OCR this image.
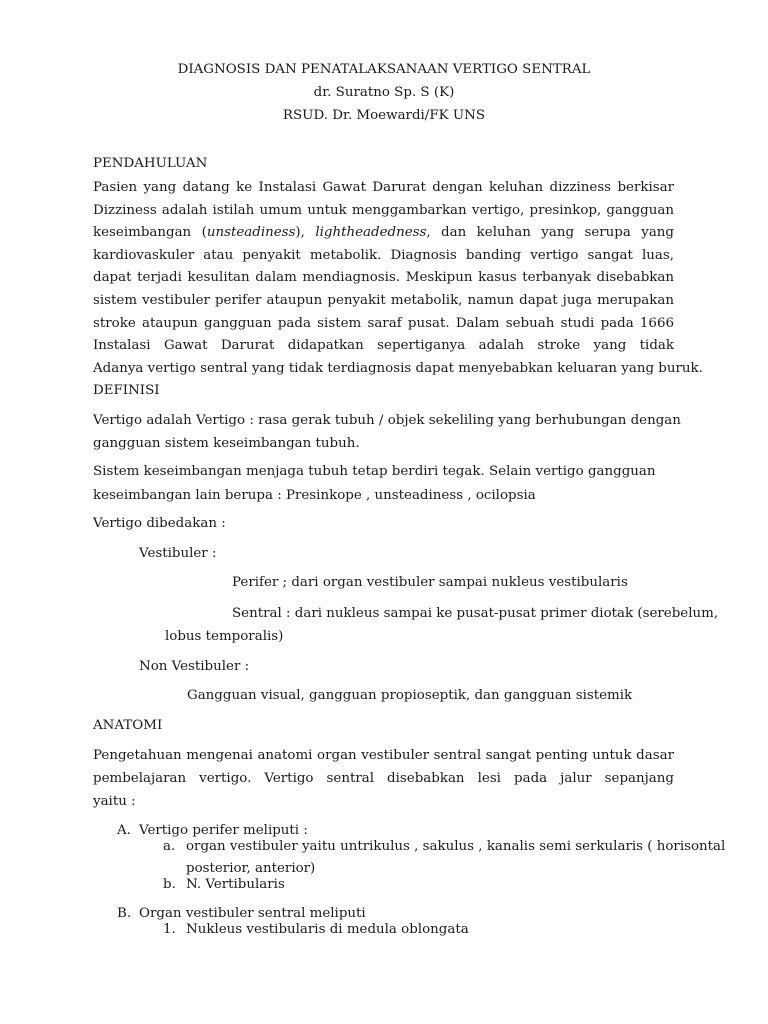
DIAGNOSIS DAN PENATALAKSANAAN VERTIGO SENTRAL
dr. Suratno Sp. S (K)
RSUD. Dr. Moewardi/FK UNS
PENDAHULUAN
Pasien yang datang ke Instalasi Gawat Darurat dengan keluhan dizziness berkisar
Dizziness adalah istilah umum untuk menggambarkan vertigo, presinkop, gangguan
keseimbangan (unsteadiness), lightheadedness, dan keluhan yang serupa yang
kardiovaskuler atau penyakit metabolik. Diagnosis banding vertigo sangat luas,
dapat terjadi kesulitan dalam mendiagnosis. Meskipun kasus terbanyak disebabkan
sistem vestibuler perifer ataupun penyakit metabolik, namun dapat juga merupakan
stroke ataupun gangguan pada sistem saraf pusat. Dalam sebuah studi pada 1666
Instalasi Gawat Darurat didapatkan sepertiganya adalah stroke yang tidak
Adanya vertigo sentral yang tidak terdiagnosis dapat menyebabkan keluaran yang buruk.
DEFINISI
Vertigo adalah Vertigo : rasa gerak tubuh / objek sekeliling yang berhubungan dengan
gangguan sistem keseimbangan tubuh.
Sistem keseimbangan menjaga tubuh tetap berdiri tegak. Selain vertigo gangguan
keseimbangan lain berupa : Presinkope , unsteadiness , ocilopsia
Vertigo dibedakan :
Vestibuler :
Perifer ; dari organ vestibuler sampai nukleus vestibularis
Sentral : dari nukleus sampai ke pusat-pusat primer diotak (serebelum,
lobus temporalis)
Non Vestibuler :
Gangguan visual, gangguan propioseptik, dan gangguan sistemik
ANATOMI
Pengetahuan mengenai anatomi organ vestibuler sentral sangat penting untuk dasar
pembelajaran vertigo. Vertigo sentral disebabkan lesi pada jalur sepanjang
yaitu :
A. Vertigo perifer meliputi :
a. organ vestibuler yaitu untrikulus , sakulus , kanalis semi serkularis ( horisontal
posterior, anterior)
b. N. Vertibularis
B. Organ vestibuler sentral meliputi
1. Nukleus vestibularis di medula oblongata
